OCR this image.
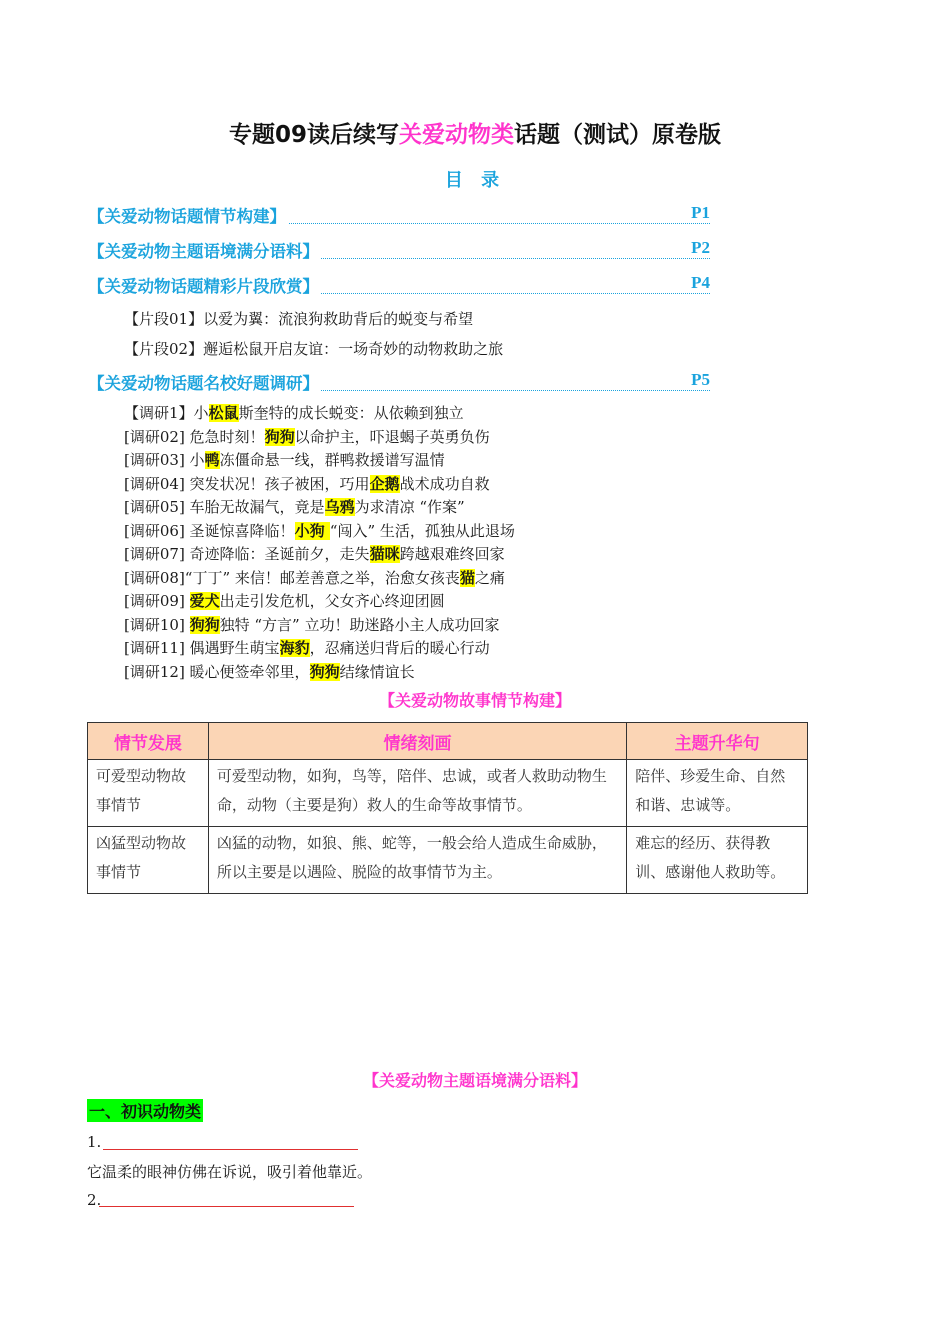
专题09读后续写关爱动物类话题（测试）原卷版
目 录
【关爱动物话题情节构建】	P1
【关爱动物主题语境满分语料】	P2
【关爱动物话题精彩片段欣赏】	P4
【片段01】以爱为翼：流浪狗救助背后的蜕变与希望
【片段02】邂逅松鼠开启友谊：一场奇妙的动物救助之旅
【关爱动物话题名校好题调研】	P5
【调研1】小松鼠斯奎特的成长蜕变：从依赖到独立
[调研02] 危急时刻！狗狗以命护主，吓退蝎子英勇负伤
[调研03] 小鸭冻僵命悬一线，群鸭救援谱写温情
[调研04] 突发状况！孩子被困，巧用企鹅战术成功自救
[调研05] 车胎无故漏气，竟是乌鸦为求清凉 “作案”
[调研06] 圣诞惊喜降临！小狗 “闯入” 生活，孤独从此退场
[调研07] 奇迹降临：圣诞前夕，走失猫咪跨越艰难终回家
[调研08]“丁丁” 来信！邮差善意之举，治愈女孩丧猫之痛
[调研09] 爱犬出走引发危机，父女齐心终迎团圆
[调研10] 狗狗独特 “方言” 立功！助迷路小主人成功回家
[调研11] 偶遇野生萌宝海豹，忍痛送归背后的暖心行动
[调研12] 暖心便签牵邻里，狗狗结缘情谊长
【关爱动物故事情节构建】
情节发展	情绪刻画	主题升华句
可爱型动物故事情节	可爱型动物，如狗，鸟等，陪伴、忠诚，或者人救助动物生命，动物（主要是狗）救人的生命等故事情节。	陪伴、珍爱生命、自然和谐、忠诚等。
凶猛型动物故事情节	凶猛的动物，如狼、熊、蛇等，一般会给人造成生命威胁，所以主要是以遇险、脱险的故事情节为主。	难忘的经历、获得教训、感谢他人救助等。
【关爱动物主题语境满分语料】
一、初识动物类
1.
它温柔的眼神仿佛在诉说，吸引着他靠近。
2.
